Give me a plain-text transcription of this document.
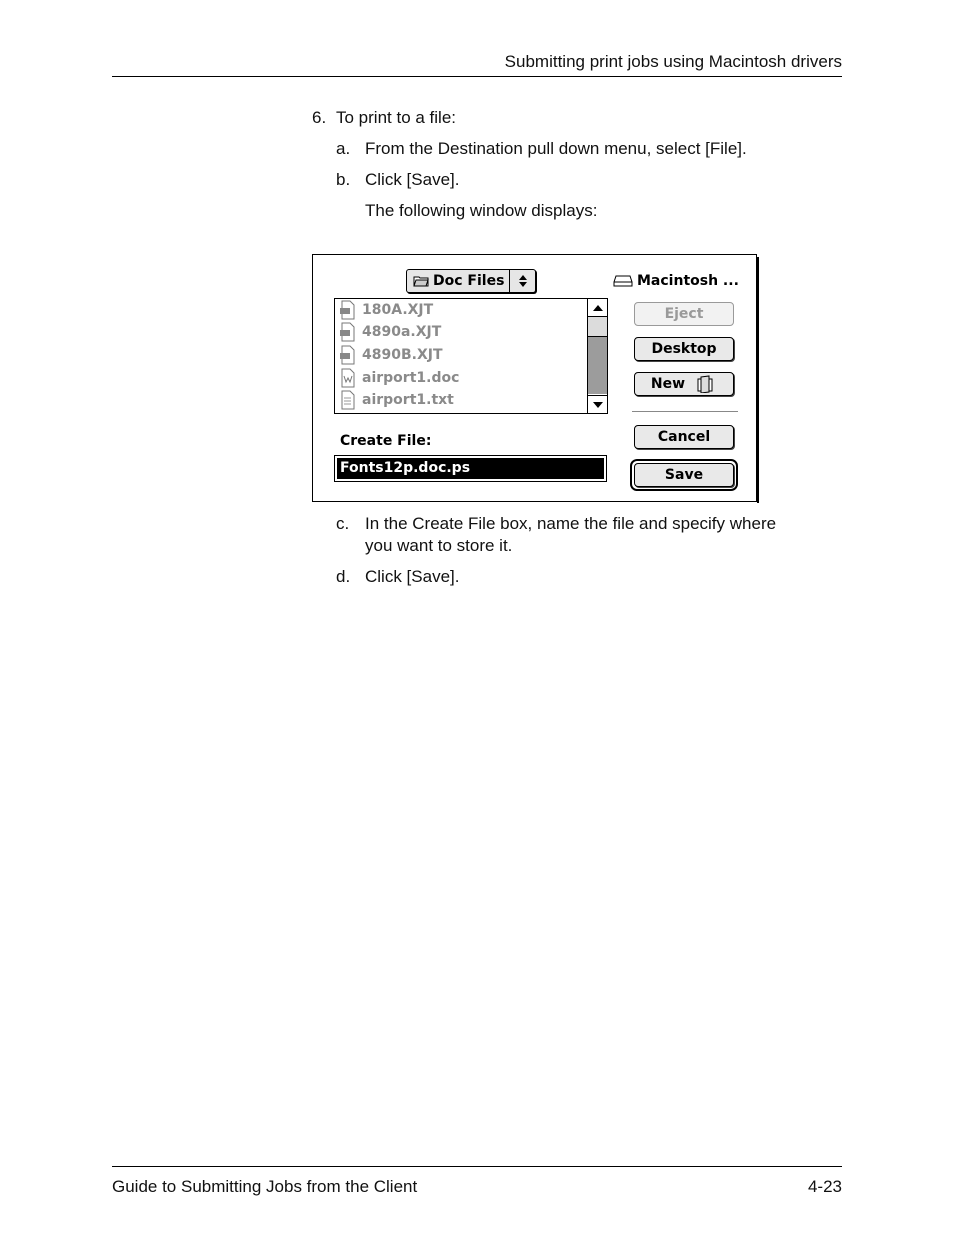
Submitting print jobs using Macintosh drivers
6. To print to a file:
a. From the Destination pull down menu, select [File].
b. Click [Save].
The following window displays:
Doc Files	Macintosh ...
180A.XJT
4890a.XJT
4890B.XJT
airport1.doc
airport1.txt
Eject
Desktop
New
Cancel
Save
Create File:
Fonts12p.doc.ps
c. In the Create File box, name the file and specify where
you want to store it.
d. Click [Save].
Guide to Submitting Jobs from the Client	4-23
